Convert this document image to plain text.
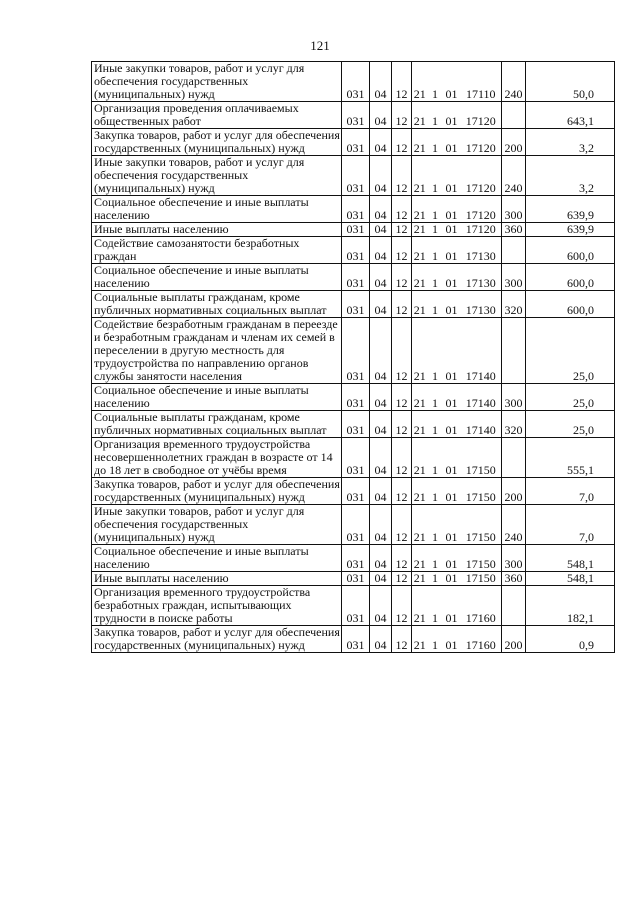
121
Иные закупки товаров, работ и услуг для обеспечения государственных (муниципальных) нужд	031	04	12	21	1	01	17110	240	50,0
Организация проведения оплачиваемых общественных работ	031	04	12	21	1	01	17120		643,1
Закупка товаров, работ и услуг для обеспечения государственных (муниципальных) нужд	031	04	12	21	1	01	17120	200	3,2
Иные закупки товаров, работ и услуг для обеспечения государственных (муниципальных) нужд	031	04	12	21	1	01	17120	240	3,2
Социальное обеспечение и иные выплаты населению	031	04	12	21	1	01	17120	300	639,9
Иные выплаты населению	031	04	12	21	1	01	17120	360	639,9
Содействие самозанятости безработных граждан	031	04	12	21	1	01	17130		600,0
Социальное обеспечение и иные выплаты населению	031	04	12	21	1	01	17130	300	600,0
Социальные выплаты гражданам, кроме публичных нормативных социальных выплат	031	04	12	21	1	01	17130	320	600,0
Содействие безработным гражданам в переезде и безработным гражданам и членам их семей в переселении в другую местность для трудоустройства по направлению органов службы занятости населения	031	04	12	21	1	01	17140		25,0
Социальное обеспечение и иные выплаты населению	031	04	12	21	1	01	17140	300	25,0
Социальные выплаты гражданам, кроме публичных нормативных социальных выплат	031	04	12	21	1	01	17140	320	25,0
Организация временного трудоустройства несовершеннолетних граждан в возрасте от 14 до 18 лет в свободное от учёбы время	031	04	12	21	1	01	17150		555,1
Закупка товаров, работ и услуг для обеспечения государственных (муниципальных) нужд	031	04	12	21	1	01	17150	200	7,0
Иные закупки товаров, работ и услуг для обеспечения государственных (муниципальных) нужд	031	04	12	21	1	01	17150	240	7,0
Социальное обеспечение и иные выплаты населению	031	04	12	21	1	01	17150	300	548,1
Иные выплаты населению	031	04	12	21	1	01	17150	360	548,1
Организация временного трудоустройства безработных граждан, испытывающих трудности в поиске работы	031	04	12	21	1	01	17160		182,1
Закупка товаров, работ и услуг для обеспечения государственных (муниципальных) нужд	031	04	12	21	1	01	17160	200	0,9
